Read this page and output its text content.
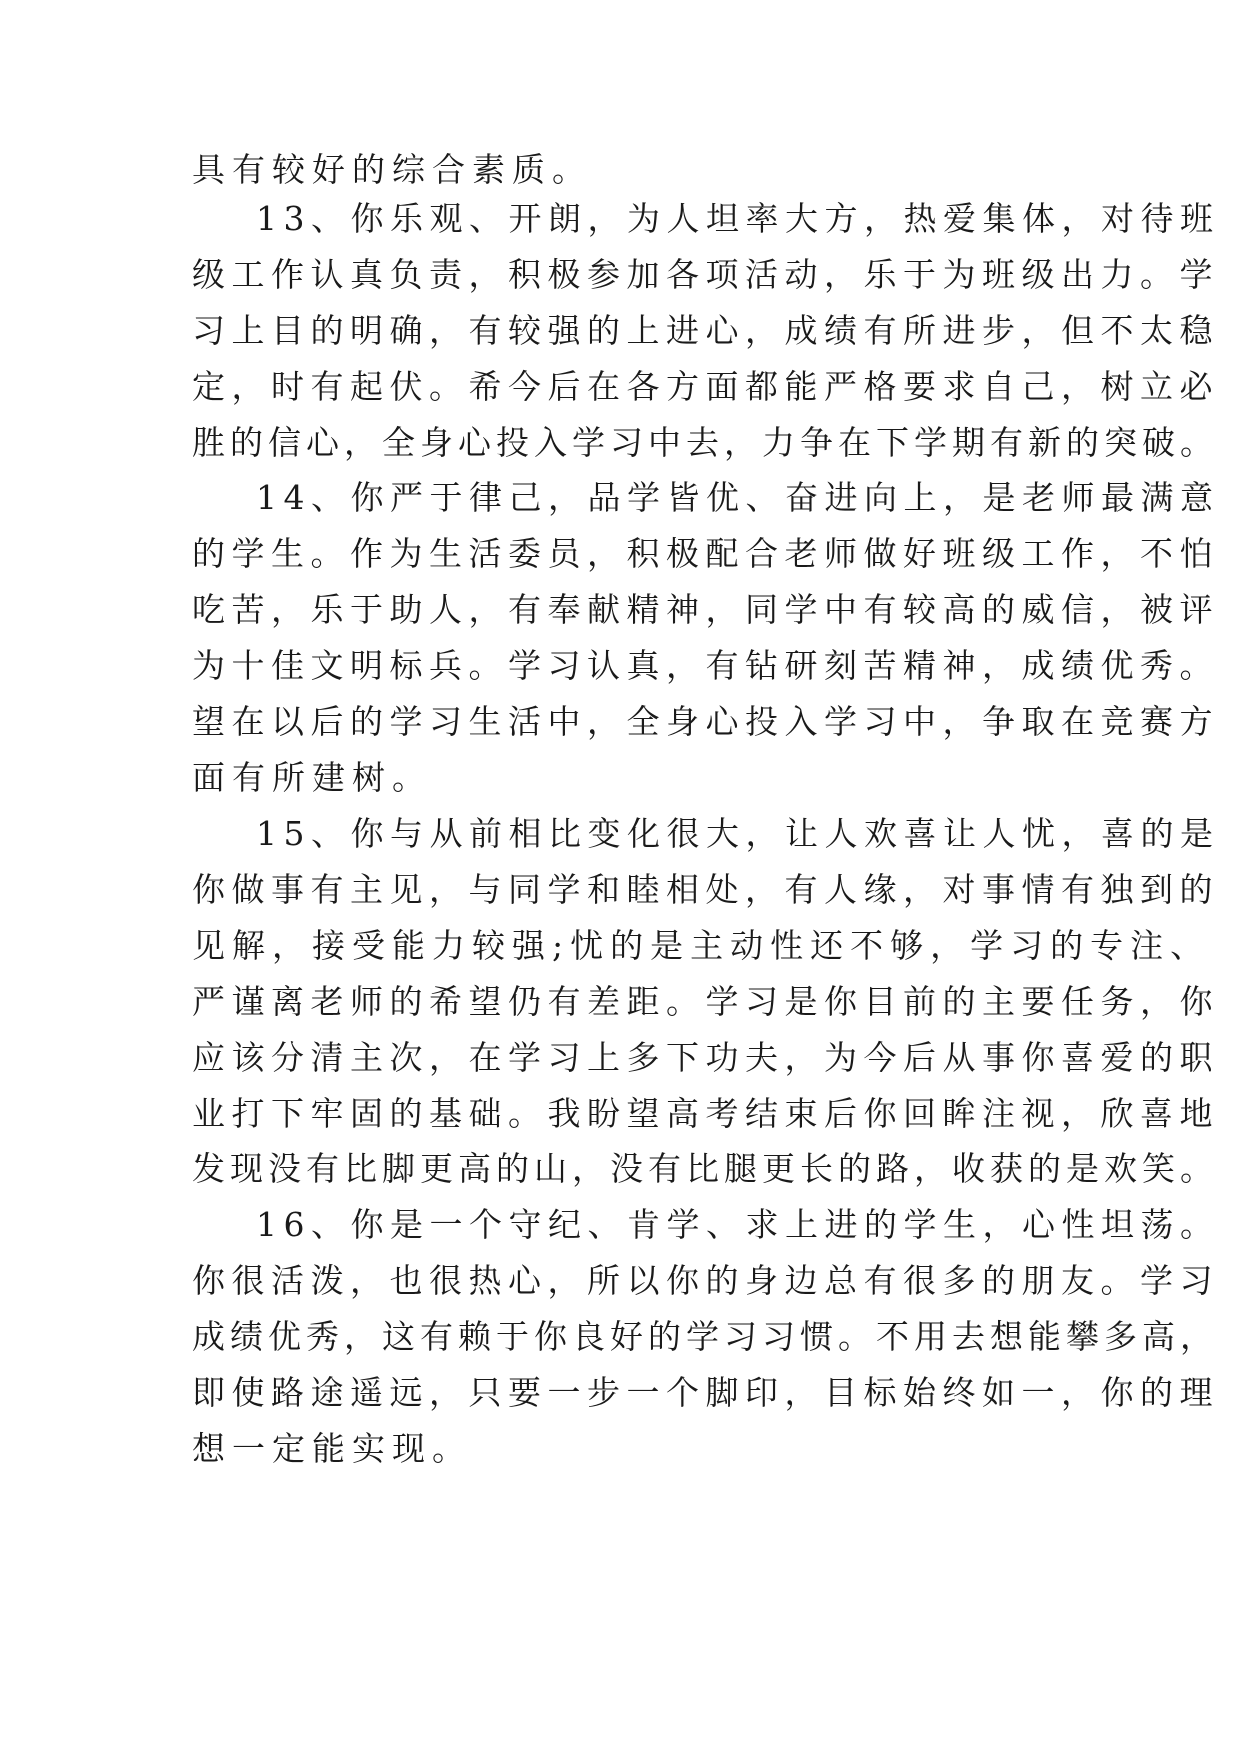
具有较好的综合素质。
13、你乐观、开朗，为人坦率大方，热爱集体，对待班
级工作认真负责，积极参加各项活动，乐于为班级出力。学
习上目的明确，有较强的上进心，成绩有所进步，但不太稳
定，时有起伏。希今后在各方面都能严格要求自己，树立必
胜的信心，全身心投入学习中去，力争在下学期有新的突破。
14、你严于律己，品学皆优、奋进向上，是老师最满意
的学生。作为生活委员，积极配合老师做好班级工作，不怕
吃苦，乐于助人，有奉献精神，同学中有较高的威信，被评
为十佳文明标兵。学习认真，有钻研刻苦精神，成绩优秀。
望在以后的学习生活中，全身心投入学习中，争取在竞赛方
面有所建树。
15、你与从前相比变化很大，让人欢喜让人忧，喜的是
你做事有主见，与同学和睦相处，有人缘，对事情有独到的
见解，接受能力较强;忧的是主动性还不够，学习的专注、
严谨离老师的希望仍有差距。学习是你目前的主要任务，你
应该分清主次，在学习上多下功夫，为今后从事你喜爱的职
业打下牢固的基础。我盼望高考结束后你回眸注视，欣喜地
发现没有比脚更高的山，没有比腿更长的路，收获的是欢笑。
16、你是一个守纪、肯学、求上进的学生，心性坦荡。
你很活泼，也很热心，所以你的身边总有很多的朋友。学习
成绩优秀，这有赖于你良好的学习习惯。不用去想能攀多高，
即使路途遥远，只要一步一个脚印，目标始终如一，你的理
想一定能实现。
